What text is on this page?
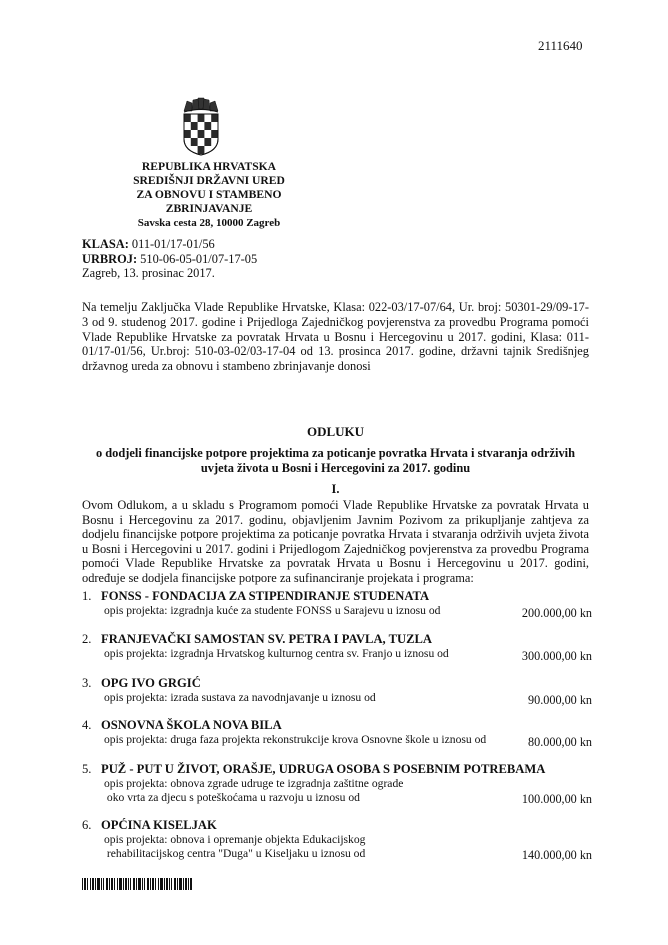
2111640
REPUBLIKA HRVATSKA
SREDIŠNJI DRŽAVNI URED
ZA OBNOVU I STAMBENO ZBRINJAVANJE
Savska cesta 28, 10000 Zagreb
KLASA: 011-01/17-01/56
URBROJ: 510-06-05-01/07-17-05
Zagreb, 13. prosinac 2017.
Na temelju Zaključka Vlade Republike Hrvatske, Klasa: 022-03/17-07/64, Ur. broj: 50301-29/09-17-3 od 9. studenog 2017. godine i Prijedloga Zajedničkog povjerenstva za provedbu Programa pomoći Vlade Republike Hrvatske za povratak Hrvata u Bosnu i Hercegovinu u 2017. godini, Klasa: 011-01/17-01/56, Ur.broj: 510-03-02/03-17-04 od 13. prosinca 2017. godine, državni tajnik Središnjeg državnog ureda za obnovu i stambeno zbrinjavanje donosi
ODLUKU
o dodjeli financijske potpore projektima za poticanje povratka Hrvata i stvaranja održivih
uvjeta života u Bosni i Hercegovini za 2017. godinu
I.
Ovom Odlukom, a u skladu s Programom pomoći Vlade Republike Hrvatske za povratak Hrvata u Bosnu i Hercegovinu za 2017. godinu, objavljenim Javnim Pozivom za prikupljanje zahtjeva za dodjelu financijske potpore projektima za poticanje povratka Hrvata i stvaranja održivih uvjeta života u Bosni i Hercegovini u 2017. godini i Prijedlogom Zajedničkog povjerenstva za provedbu Programa pomoći Vlade Republike Hrvatske za povratak Hrvata u Bosnu i Hercegovinu u 2017. godini, određuje se dodjela financijske potpore za sufinanciranje projekata i programa:
1. FONSS - FONDACIJA ZA STIPENDIRANJE STUDENATA
opis projekta: izgradnja kuće za studente FONSS u Sarajevu u iznosu od	200.000,00 kn
2. FRANJEVAČKI SAMOSTAN SV. PETRA I PAVLA, TUZLA
opis projekta: izgradnja Hrvatskog kulturnog centra sv. Franjo u iznosu od	300.000,00 kn
3. OPG IVO GRGIĆ
opis projekta: izrada sustava za navodnjavanje u iznosu od	90.000,00 kn
4. OSNOVNA ŠKOLA NOVA BILA
opis projekta: druga faza projekta rekonstrukcije krova Osnovne škole u iznosu od	80.000,00 kn
5. PUŽ - PUT U ŽIVOT, ORAŠJE, UDRUGA OSOBA S POSEBNIM POTREBAMA
opis projekta: obnova zgrade udruge te izgradnja zaštitne ograde
oko vrta za djecu s poteškoćama u razvoju u iznosu od	100.000,00 kn
6. OPĆINA KISELJAK
opis projekta: obnova i opremanje objekta Edukacijskog
rehabilitacijskog centra "Duga" u Kiseljaku u iznosu od	140.000,00 kn
